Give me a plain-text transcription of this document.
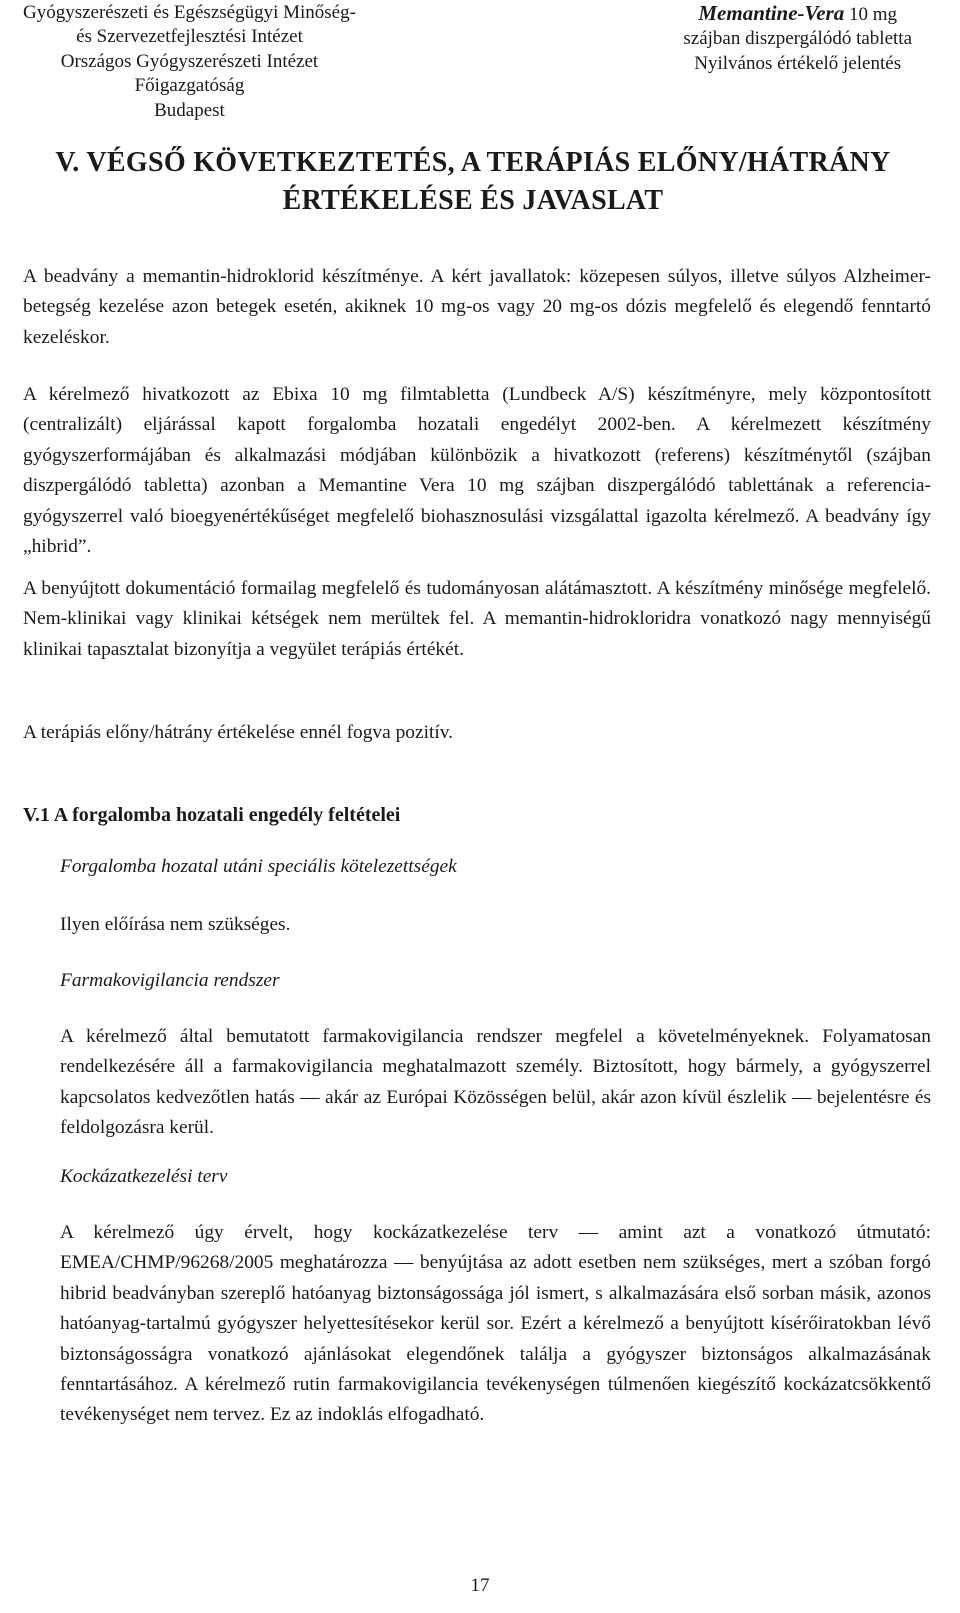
Gyógyszerészeti és Egészségügyi Minőség-
és Szervezetfejlesztési Intézet
Országos Gyógyszerészeti Intézet
Főigazgatóság
Budapest
Memantine-Vera 10 mg
szájban diszpergálódó tabletta
Nyilvános értékelő jelentés
V. VÉGSŐ KÖVETKEZTETÉS, A TERÁPIÁS ELŐNY/HÁTRÁNY
ÉRTÉKELÉSE ÉS JAVASLAT

A beadvány a memantin-hidroklorid készítménye. A kért javallatok: közepesen súlyos, illetve súlyos Alzheimer-betegség kezelése azon betegek esetén, akiknek 10 mg-os vagy 20 mg-os dózis megfelelő és elegendő fenntartó kezeléskor.

A kérelmező hivatkozott az Ebixa 10 mg filmtabletta (Lundbeck A/S) készítményre, mely központosított (centralizált) eljárással kapott forgalomba hozatali engedélyt 2002-ben. A kérelmezett készítmény gyógyszerformájában és alkalmazási módjában különbözik a hivatkozott (referens) készítménytől (szájban diszpergálódó tabletta) azonban a Memantine Vera 10 mg szájban diszpergálódó tablettának a referencia-gyógyszerrel való bioegyenértékűséget megfelelő biohasznosulási vizsgálattal igazolta kérelmező. A beadvány így „hibrid”.

A benyújtott dokumentáció formailag megfelelő és tudományosan alátámasztott. A készítmény minősége megfelelő. Nem-klinikai vagy klinikai kétségek nem merültek fel. A memantin-hidrokloridra vonatkozó nagy mennyiségű klinikai tapasztalat bizonyítja a vegyület terápiás értékét.

A terápiás előny/hátrány értékelése ennél fogva pozitív.

V.1 A forgalomba hozatali engedély feltételei
Forgalomba hozatal utáni speciális kötelezettségek
Ilyen előírása nem szükséges.
Farmakovigilancia rendszer

A kérelmező által bemutatott farmakovigilancia rendszer megfelel a követelményeknek. Folyamatosan rendelkezésére áll a farmakovigilancia meghatalmazott személy. Biztosított, hogy bármely, a gyógyszerrel kapcsolatos kedvezőtlen hatás — akár az Európai Közösségen belül, akár azon kívül észlelik — bejelentésre és feldolgozásra kerül.

Kockázatkezelési terv

A kérelmező úgy érvelt, hogy kockázatkezelése terv — amint azt a vonatkozó útmutató: EMEA/CHMP/96268/2005 meghatározza — benyújtása az adott esetben nem szükséges, mert a szóban forgó hibrid beadványban szereplő hatóanyag biztonságossága jól ismert, s alkalmazására első sorban másik, azonos hatóanyag-tartalmú gyógyszer helyettesítésekor kerül sor. Ezért a kérelmező a benyújtott kísérőiratokban lévő biztonságosságra vonatkozó ajánlásokat elegendőnek találja a gyógyszer biztonságos alkalmazásának fenntartásához. A kérelmező rutin farmakovigilancia tevékenységen túlmenően kiegészítő kockázatcsökkentő tevékenységet nem tervez. Ez az indoklás elfogadható.

17
